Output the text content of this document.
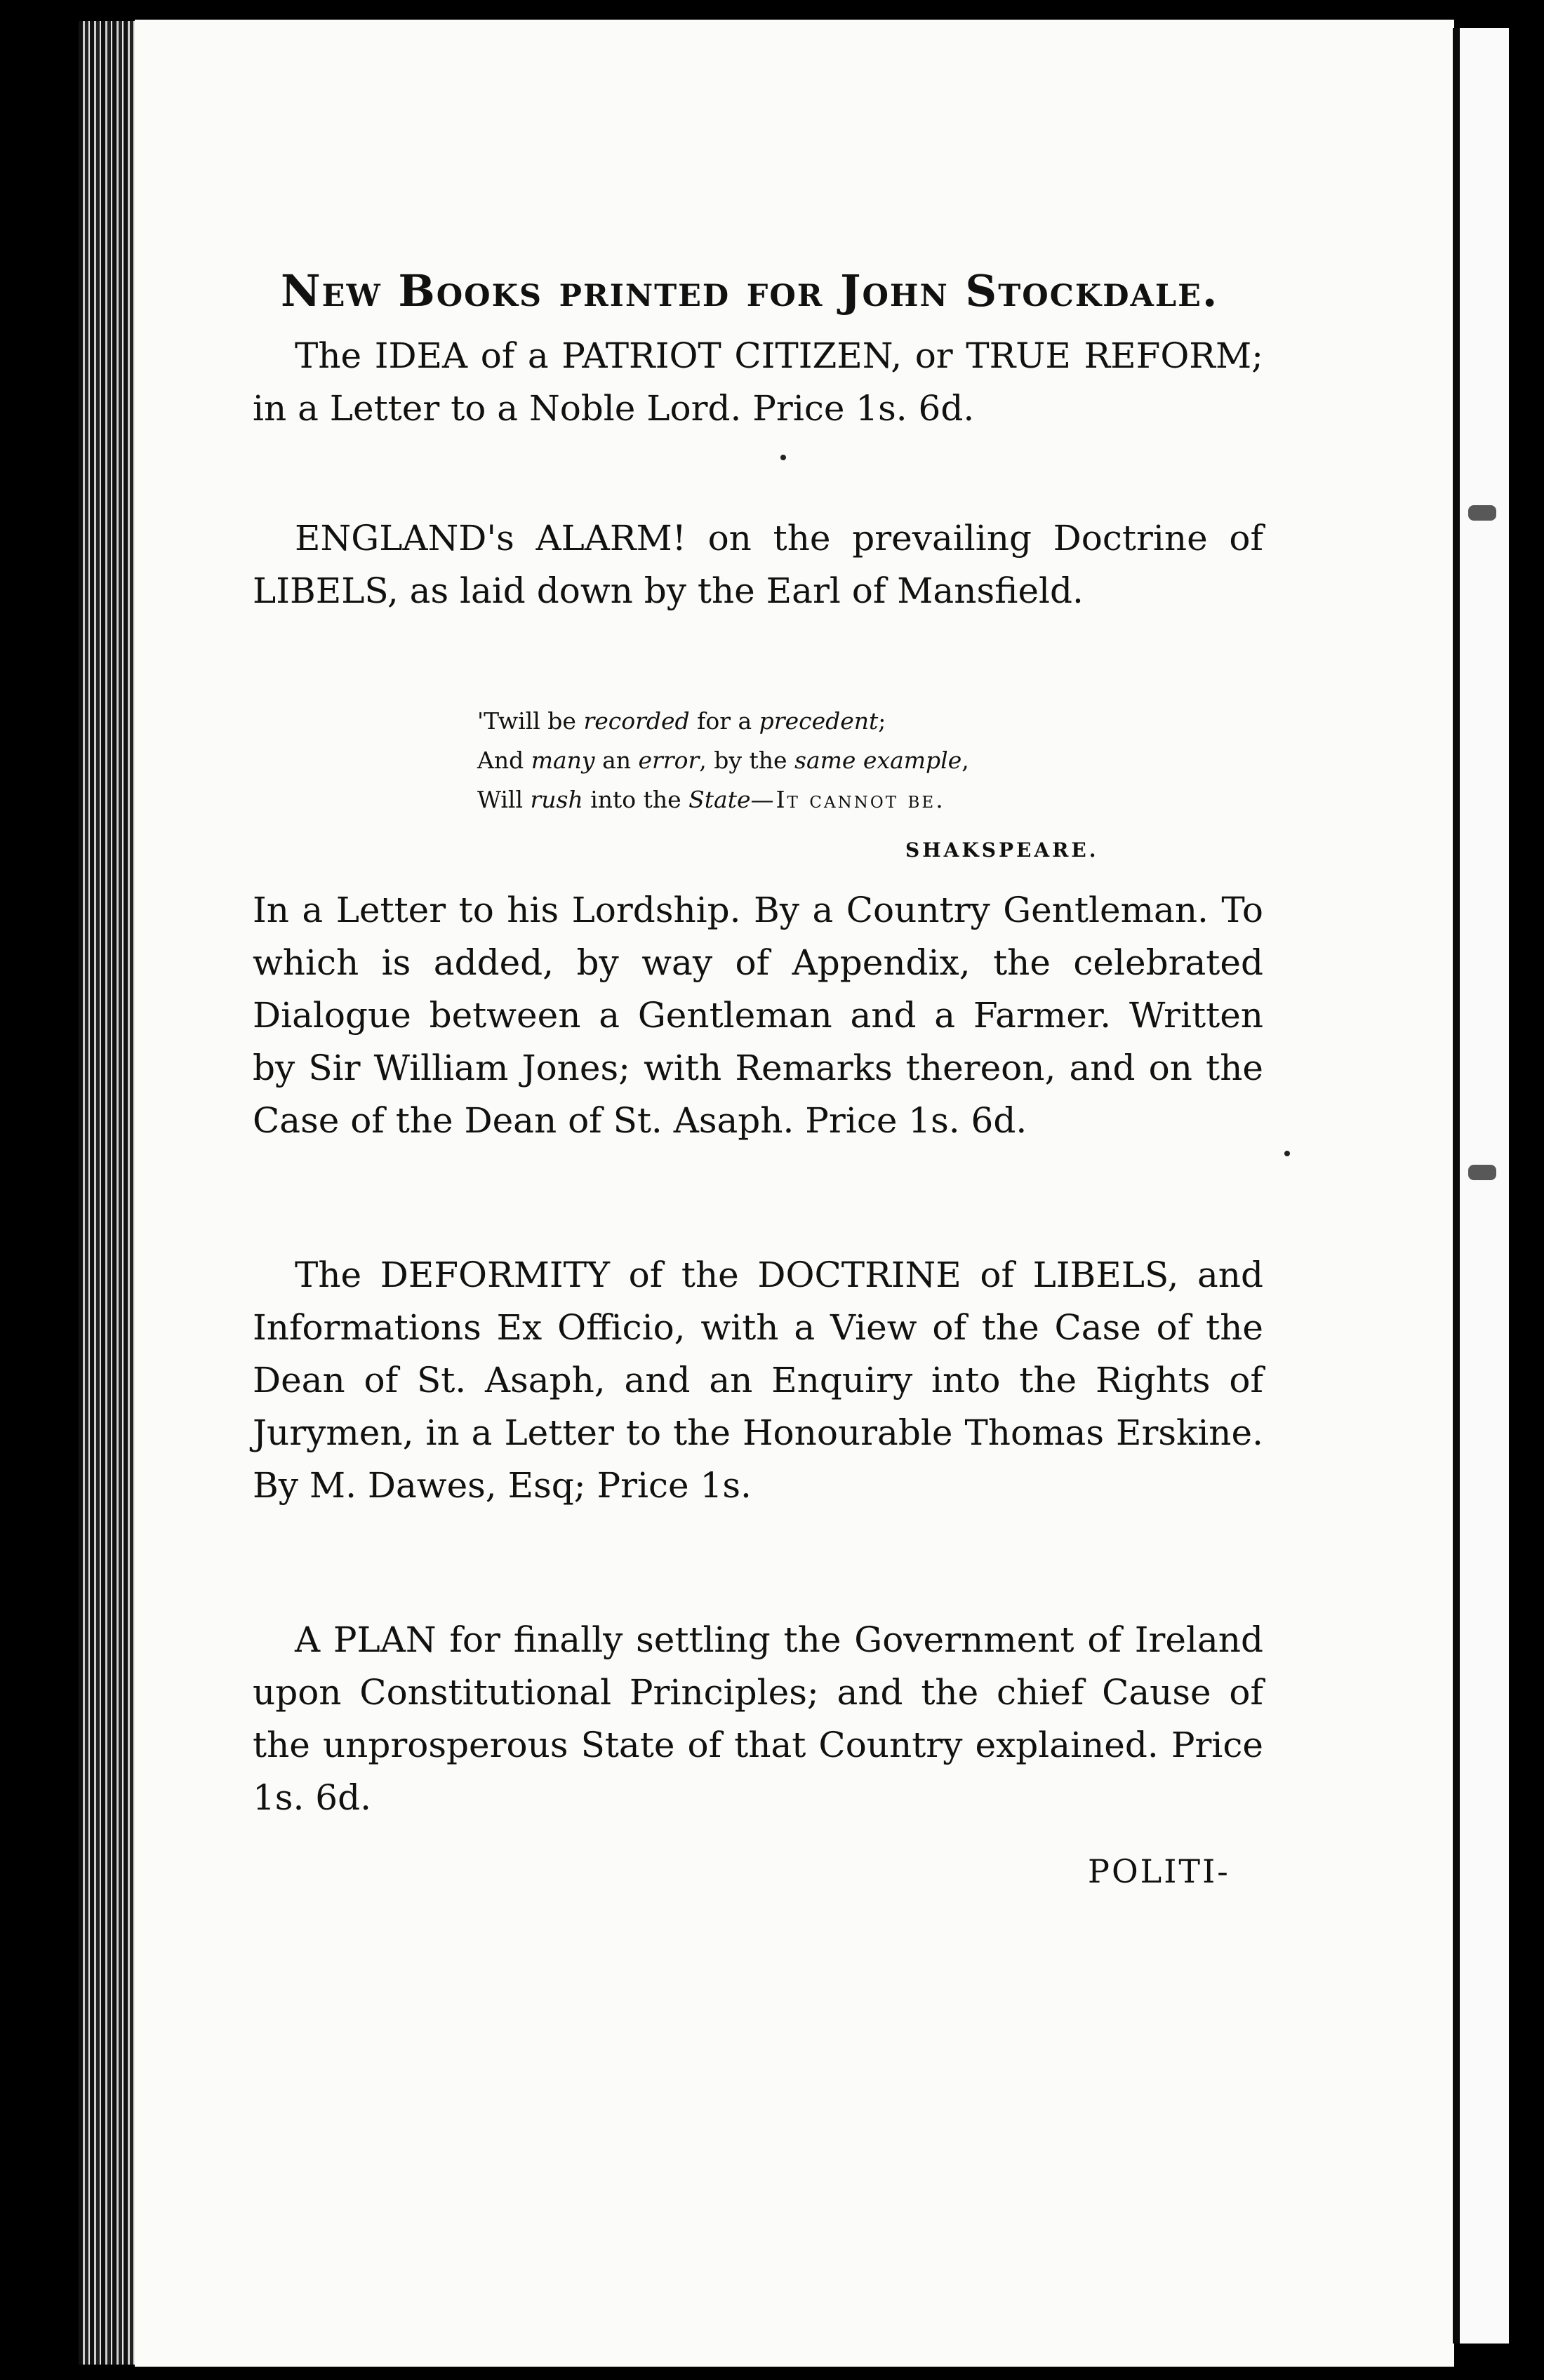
New Books printed for John Stockdale.

The IDEA of a PATRIOT CITIZEN, or TRUE REFORM; in a Letter to a Noble Lord. Price 1s. 6d.

ENGLAND's ALARM! on the prevailing Doctrine of LIBELS, as laid down by the Earl of Mansfield.

'Twill be recorded for a precedent;
And many an error, by the same example,
Will rush into the State—It cannot be.
SHAKSPEARE.

In a Letter to his Lordship. By a Country Gentleman. To which is added, by way of Appendix, the celebrated Dialogue between a Gentleman and a Farmer. Written by Sir William Jones; with Remarks thereon, and on the Case of the Dean of St. Asaph. Price 1s. 6d.

The DEFORMITY of the DOCTRINE of LIBELS, and Informations Ex Officio, with a View of the Case of the Dean of St. Asaph, and an Enquiry into the Rights of Jurymen, in a Letter to the Honourable Thomas Erskine. By M. Dawes, Esq; Price 1s.

A PLAN for finally settling the Government of Ireland upon Constitutional Principles; and the chief Cause of the unprosperous State of that Country explained. Price 1s. 6d.

POLITI-
